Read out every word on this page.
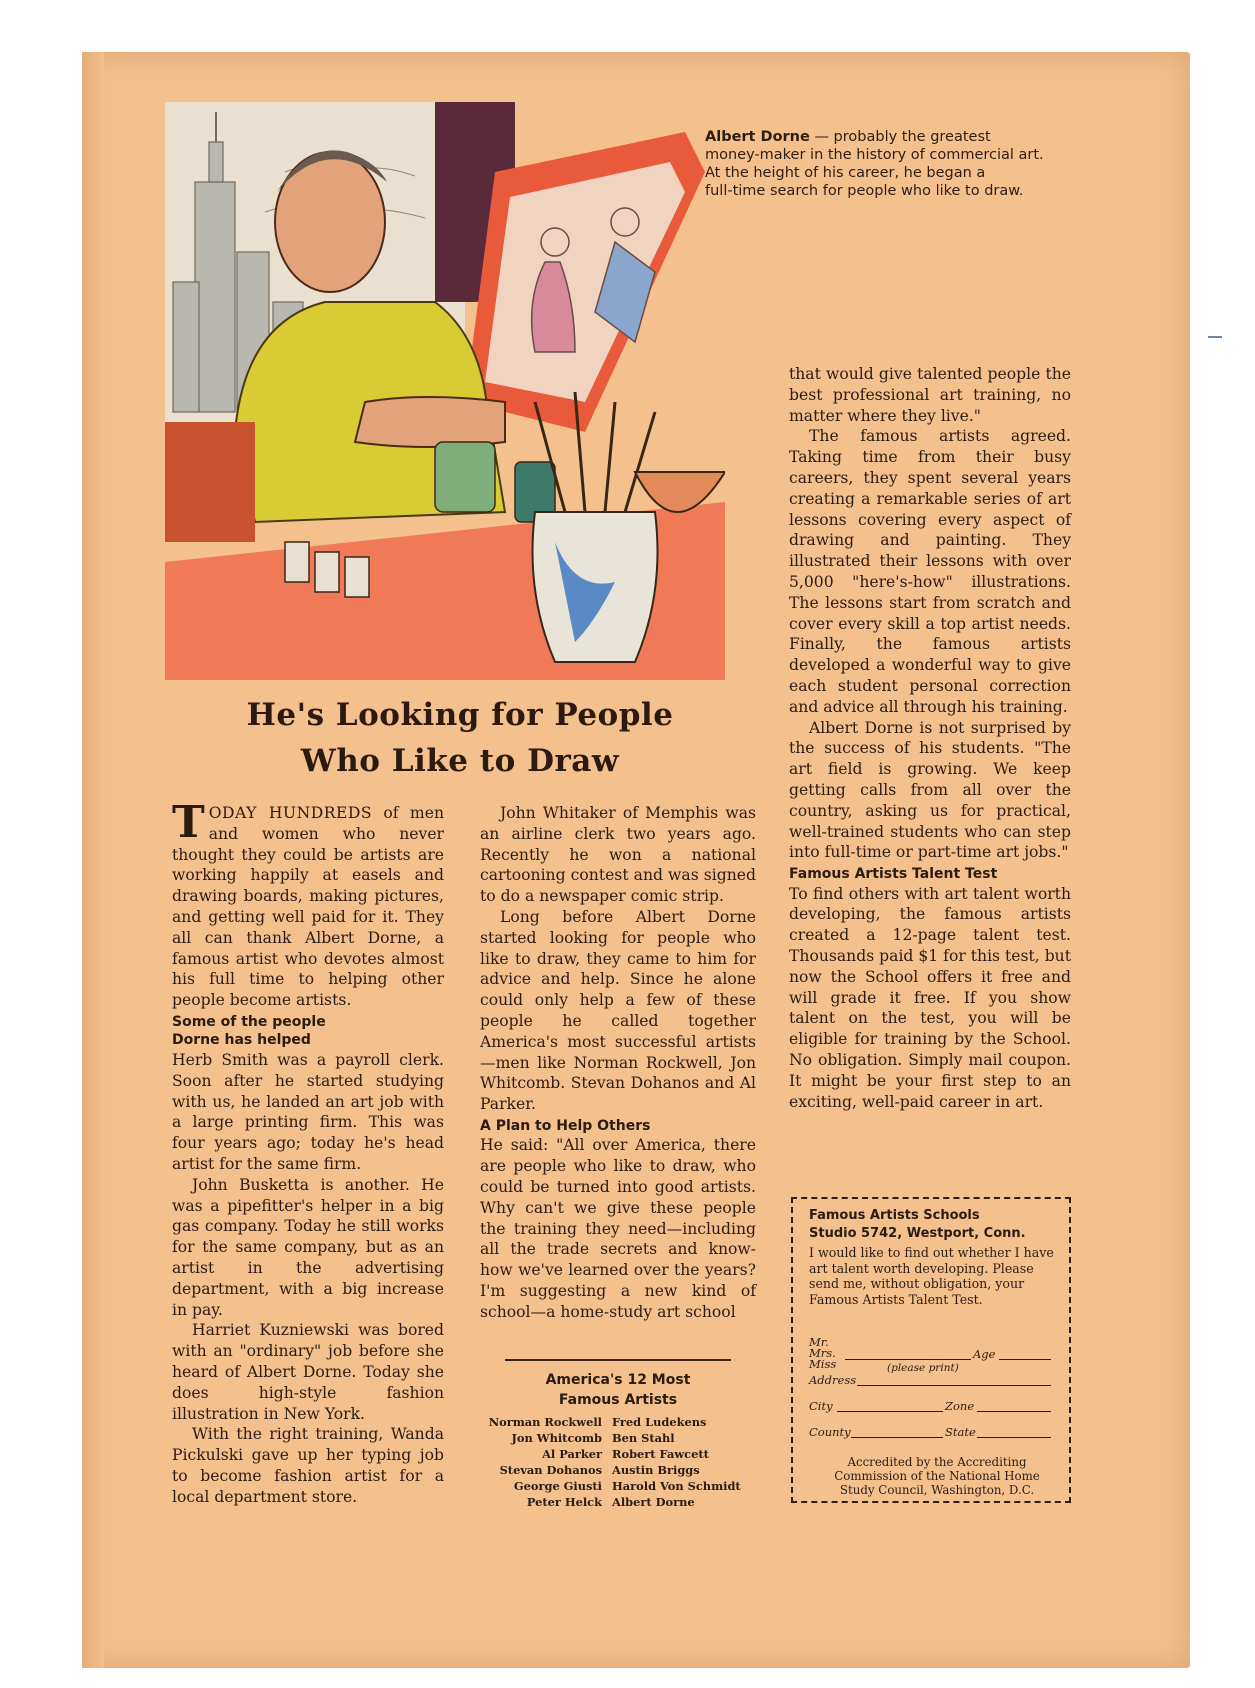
Albert Dorne — probably the greatest
money-maker in the history of commercial art.
At the height of his career, he began a
full-time search for people who like to draw.
He's Looking for People
Who Like to Draw

TODAY HUNDREDS of men and women who never thought they could be artists are working happily at easels and drawing boards, making pictures, and getting well paid for it. They all can thank Albert Dorne, a famous artist who devotes almost his full time to helping other people become artists.

Some of the people
Dorne has helped

Herb Smith was a payroll clerk. Soon after he started studying with us, he landed an art job with a large printing firm. This was four years ago; today he's head artist for the same firm.

John Busketta is another. He was a pipefitter's helper in a big gas company. Today he still works for the same company, but as an artist in the advertising department, with a big increase in pay.

Harriet Kuzniewski was bored with an "ordinary" job before she heard of Albert Dorne. Today she does high-style fashion illustration in New York.

With the right training, Wanda Pickulski gave up her typing job to become fashion artist for a local department store.

John Whitaker of Memphis was an airline clerk two years ago. Recently he won a national cartooning contest and was signed to do a newspaper comic strip.

Long before Albert Dorne started looking for people who like to draw, they came to him for advice and help. Since he alone could only help a few of these people he called together America's most successful artists —men like Norman Rockwell, Jon Whitcomb. Stevan Dohanos and Al Parker.

A Plan to Help Others

He said: "All over America, there are people who like to draw, who could be turned into good artists. Why can't we give these people the training they need—including all the trade secrets and know-how we've learned over the years? I'm suggesting a new kind of school—a home-study art school

America's 12 Most
Famous Artists
Norman Rockwell Fred Ludekens
Jon Whitcomb Ben Stahl
Al Parker Robert Fawcett
Stevan Dohanos Austin Briggs
George Giusti Harold Von Schmidt
Peter Helck Albert Dorne

that would give talented people the best professional art training, no matter where they live."

The famous artists agreed. Taking time from their busy careers, they spent several years creating a remarkable series of art lessons covering every aspect of drawing and painting. They illustrated their lessons with over 5,000 "here's-how" illustrations. The lessons start from scratch and cover every skill a top artist needs. Finally, the famous artists developed a wonderful way to give each student personal correction and advice all through his training.

Albert Dorne is not surprised by the success of his students. "The art field is growing. We keep getting calls from all over the country, asking us for practical, well-trained students who can step into full-time or part-time art jobs."

Famous Artists Talent Test

To find others with art talent worth developing, the famous artists created a 12-page talent test. Thousands paid $1 for this test, but now the School offers it free and will grade it free. If you show talent on the test, you will be eligible for training by the School. No obligation. Simply mail coupon. It might be your first step to an exciting, well-paid career in art.

Famous Artists Schools
Studio 5742, Westport, Conn.
I would like to find out whether I have art talent worth developing. Please send me, without obligation, your Famous Artists Talent Test.
Mr.
Mrs.
Miss
Age
(please print)
Address
City	Zone
County	State
Accredited by the Accrediting Commission of the National Home Study Council, Washington, D.C.
